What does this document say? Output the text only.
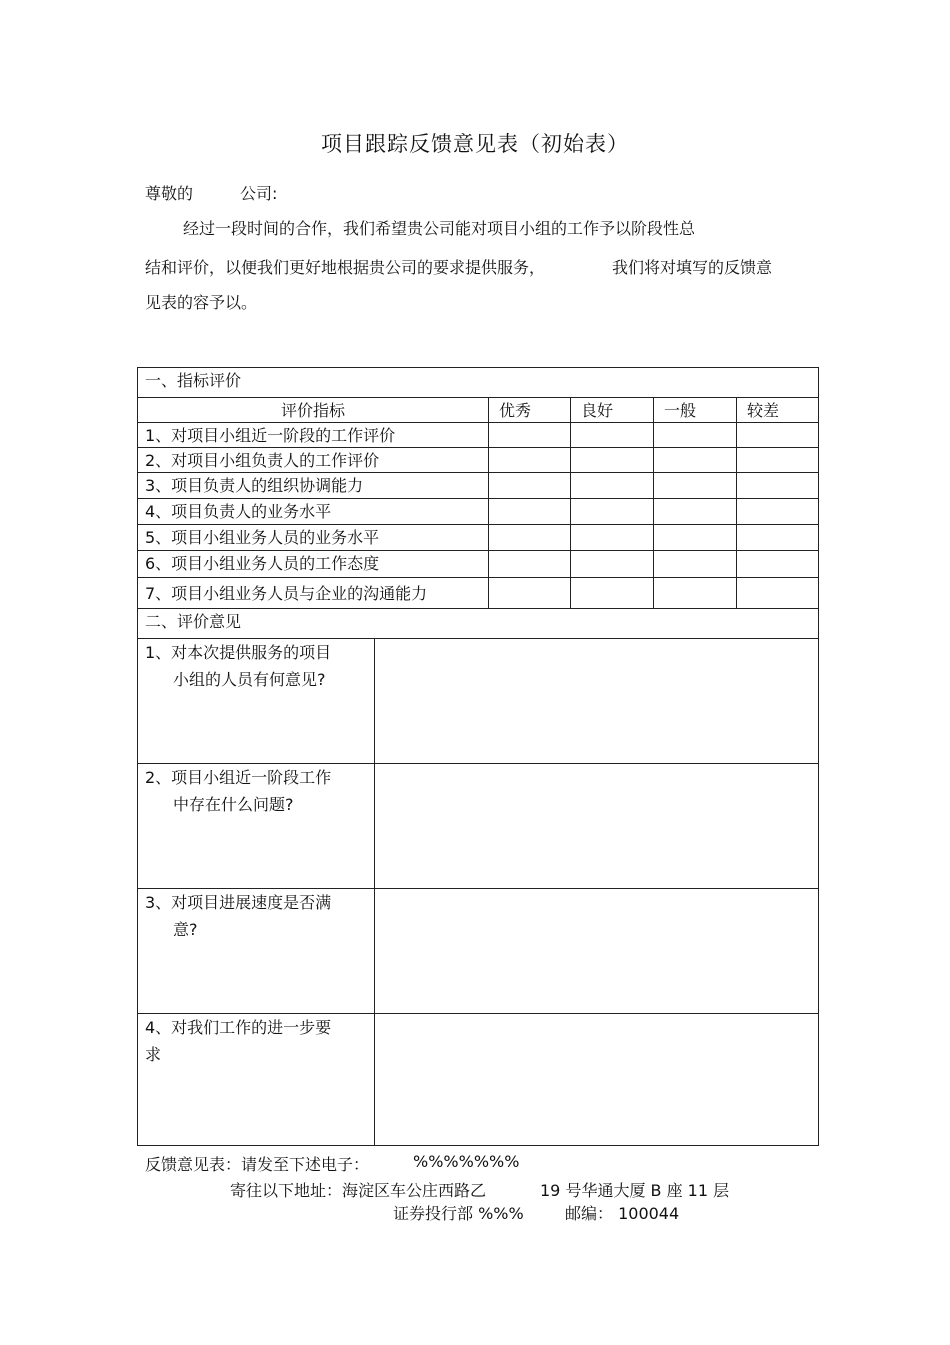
项目跟踪反馈意见表（初始表）
尊敬的	公司:
经过一段时间的合作，我们希望贵公司能对项目小组的工作予以阶段性总
结和评价，以便我们更好地根据贵公司的要求提供服务，	我们将对填写的反馈意
见表的容予以。
一、指标评价					
评价指标		优秀	良好	一般	较差
1、对项目小组近一阶段的工作评价					
2、对项目小组负责人的工作评价					
3、项目负责人的组织协调能力					
4、项目负责人的业务水平					
5、项目小组业务人员的业务水平					
6、项目小组业务人员的工作态度					
7、项目小组业务人员与企业的沟通能力					
二、评价意见					
1、对本次提供服务的项目
小组的人员有何意见?					

2、项目小组近一阶段工作
中存在什么问题?					

3、对项目进展速度是否满
意?					

4、对我们工作的进一步要
求					

反馈意见表：请发至下述电子：	%%%%%%%
寄往以下地址：海淀区车公庄西路乙	19 号华通大厦 B 座 11 层
证券投行部 %%%	邮编： 100044
